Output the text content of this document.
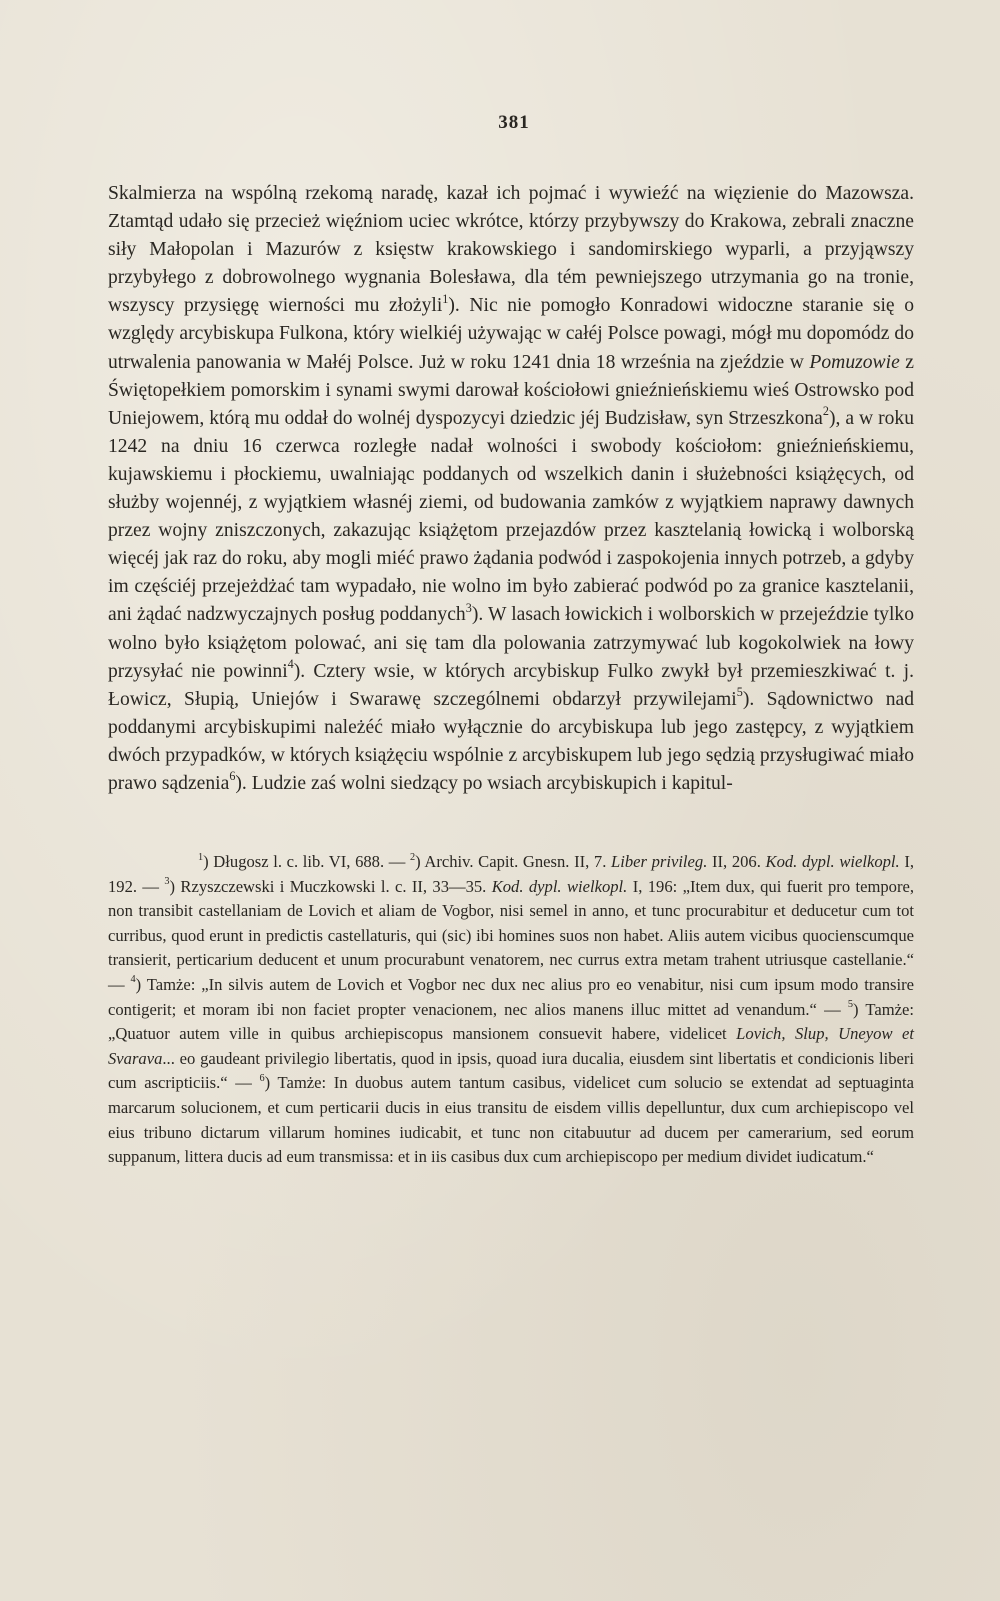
381

Skalmierza na wspólną rzekomą naradę, kazał ich pojmać i wywieźć na więzienie do Mazowsza. Ztamtąd udało się przecież więźniom uciec wkrótce, którzy przybywszy do Krakowa, zebrali znaczne siły Małopolan i Mazurów z księstw krakowskiego i sandomirskiego wyparli, a przyjąwszy przybyłego z dobrowolnego wygnania Bolesława, dla tém pewniejszego utrzymania go na tronie, wszyscy przysięgę wierności mu złożyli$^1$). Nic nie pomogło Konradowi widoczne staranie się o względy arcybiskupa Fulkona, który wielkiéj używając w całéj Polsce powagi, mógł mu dopomódz do utrwalenia panowania w Małéj Polsce. Już w roku 1241 dnia 18 września na zjeździe w Pomuzowie z Świętopełkiem pomorskim i synami swymi darował kościołowi gnieźnieńskiemu wieś Ostrowsko pod Uniejowem, którą mu oddał do wolnéj dyspozycyi dziedzic jéj Budzisław, syn Strzeszkona$^2$), a w roku 1242 na dniu 16 czerwca rozległe nadał wolności i swobody kościołom: gnieźnieńskiemu, kujawskiemu i płockiemu, uwalniając poddanych od wszelkich danin i służebności książęcych, od służby wojennéj, z wyjątkiem własnéj ziemi, od budowania zamków z wyjątkiem naprawy dawnych przez wojny zniszczonych, zakazując książętom przejazdów przez kasztelanią łowicką i wolborską więcéj jak raz do roku, aby mogli miéć prawo żądania podwód i zaspokojenia innych potrzeb, a gdyby im częściéj przejeżdżać tam wypadało, nie wolno im było zabierać podwód po za granice kasztelanii, ani żądać nadzwyczajnych posług poddanych$^3$). W lasach łowickich i wolborskich w przejeździe tylko wolno było książętom polować, ani się tam dla polowania zatrzymywać lub kogokolwiek na łowy przysyłać nie powinni$^4$). Cztery wsie, w których arcybiskup Fulko zwykł był przemieszkiwać t. j. Łowicz, Słupią, Uniejów i Swarawę szczególnemi obdarzył przywilejami$^5$). Sądownictwo nad poddanymi arcybiskupimi należéć miało wyłącznie do arcybiskupa lub jego zastępcy, z wyjątkiem dwóch przypadków, w których książęciu wspólnie z arcybiskupem lub jego sędzią przysługiwać miało prawo sądzenia$^6$). Ludzie zaś wolni siedzący po wsiach arcybiskupich i kapitul-

$^1$) Długosz l. c. lib. VI, 688. — $^2$) Archiv. Capit. Gnesn. II, 7. Liber privileg. II, 206. Kod. dypl. wielkopl. I, 192. — $^3$) Rzyszczewski i Muczkowski l. c. II, 33—35. Kod. dypl. wielkopl. I, 196: „Item dux, qui fuerit pro tempore, non transibit castellaniam de Lovich et aliam de Vogbor, nisi semel in anno, et tunc procurabitur et deducetur cum tot curribus, quod erunt in predictis castellaturis, qui (sic) ibi homines suos non habet. Aliis autem vicibus quocienscumque transierit, perticarium deducent et unum procurabunt venatorem, nec currus extra metam trahent utriusque castellanie.“ — $^4$) Tamże: „In silvis autem de Lovich et Vogbor nec dux nec alius pro eo venabitur, nisi cum ipsum modo transire contigerit; et moram ibi non faciet propter venacionem, nec alios manens illuc mittet ad venandum.“ — $^5$) Tamże: „Quatuor autem ville in quibus archiepiscopus mansionem consuevit habere, videlicet Lovich, Slup, Uneyow et Svarava... eo gaudeant privilegio libertatis, quod in ipsis, quoad iura ducalia, eiusdem sint libertatis et condicionis liberi cum ascripticiis.“ — $^6$) Tamże: In duobus autem tantum casibus, videlicet cum solucio se extendat ad septuaginta marcarum solucionem, et cum perticarii ducis in eius transitu de eisdem villis depelluntur, dux cum archiepiscopo vel eius tribuno dictarum villarum homines iudicabit, et tunc non citabuutur ad ducem per camerarium, sed eorum suppanum, littera ducis ad eum transmissa: et in iis casibus dux cum archiepiscopo per medium dividet iudicatum.“
